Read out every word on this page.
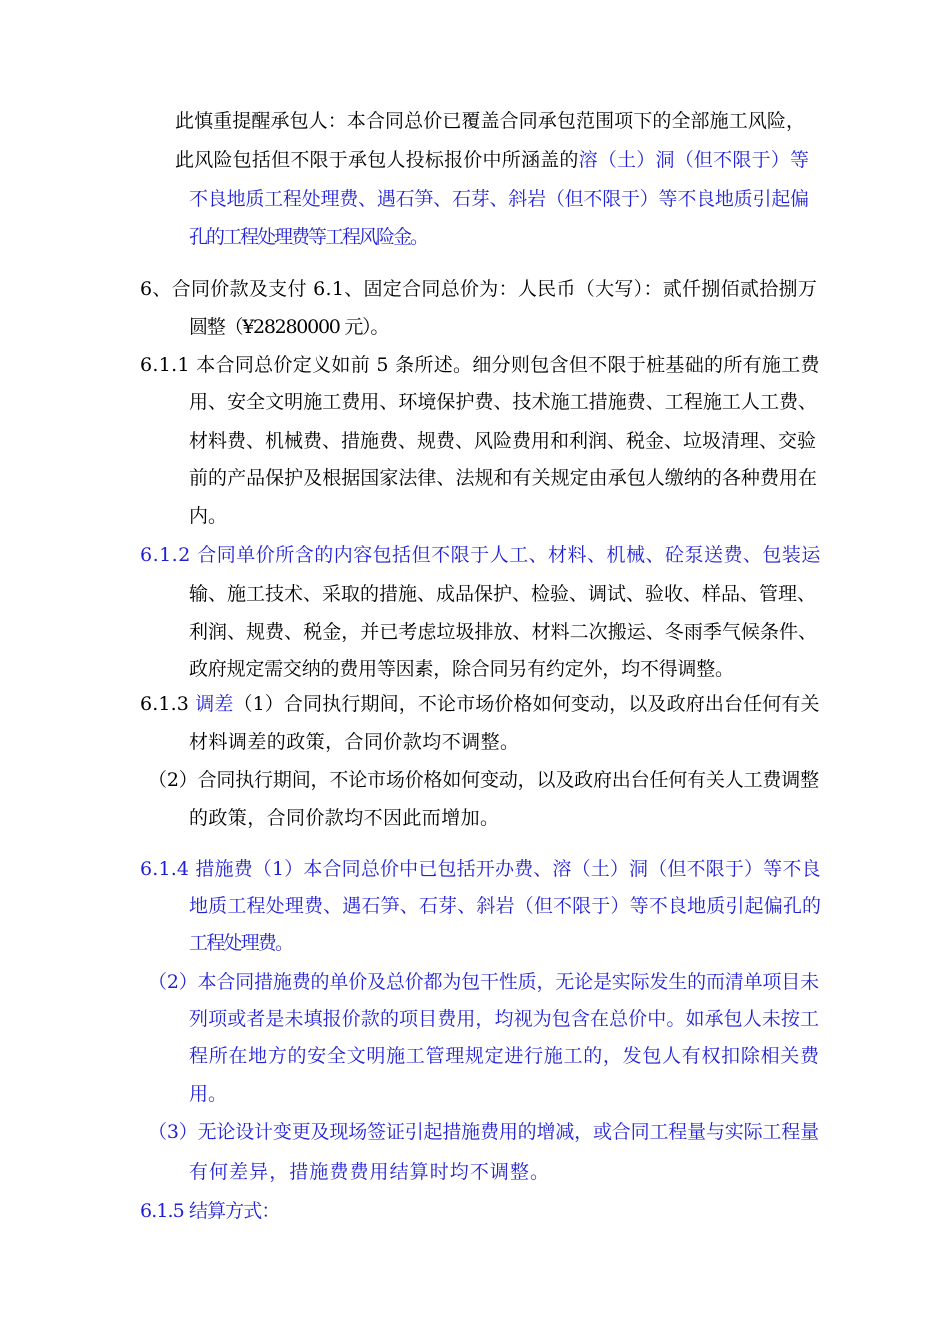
此慎重提醒承包人：本合同总价已覆盖合同承包范围项下的全部施工风险，
此风险包括但不限于承包人投标报价中所涵盖的溶（土）洞（但不限于）等
不良地质工程处理费、遇石笋、石芽、斜岩（但不限于）等不良地质引起偏
孔的工程处理费等工程风险金。
6、合同价款及支付 6.1、固定合同总价为：人民币（大写）：贰仟捌佰贰拾捌万
圆整（¥28280000 元）。
6.1.1 本合同总价定义如前 5 条所述。细分则包含但不限于桩基础的所有施工费
用、安全文明施工费用、环境保护费、技术施工措施费、工程施工人工费、
材料费、机械费、措施费、规费、风险费用和利润、税金、垃圾清理、交验
前的产品保护及根据国家法律、法规和有关规定由承包人缴纳的各种费用在
内。
6.1.2 合同单价所含的内容包括但不限于人工、材料、机械、砼泵送费、包装运
输、施工技术、采取的措施、成品保护、检验、调试、验收、样品、管理、
利润、规费、税金，并已考虑垃圾排放、材料二次搬运、冬雨季气候条件、
政府规定需交纳的费用等因素，除合同另有约定外，均不得调整。
6.1.3 调差（1）合同执行期间，不论市场价格如何变动，以及政府出台任何有关
材料调差的政策，合同价款均不调整。
（2）合同执行期间，不论市场价格如何变动，以及政府出台任何有关人工费调整
的政策，合同价款均不因此而增加。
6.1.4 措施费（1）本合同总价中已包括开办费、溶（土）洞（但不限于）等不良
地质工程处理费、遇石笋、石芽、斜岩（但不限于）等不良地质引起偏孔的
工程处理费。
（2）本合同措施费的单价及总价都为包干性质，无论是实际发生的而清单项目未
列项或者是未填报价款的项目费用，均视为包含在总价中。如承包人未按工
程所在地方的安全文明施工管理规定进行施工的，发包人有权扣除相关费
用。
（3）无论设计变更及现场签证引起措施费用的增减，或合同工程量与实际工程量
有何差异，措施费费用结算时均不调整。
6.1.5 结算方式：
